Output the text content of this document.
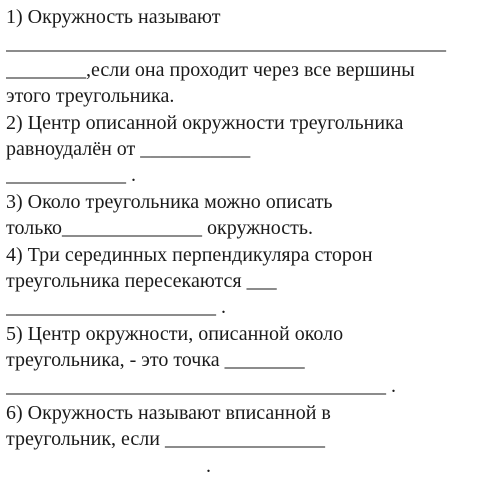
1) Окружность называют
____________________________________________
________,если она проходит через все вершины
этого треугольника.
2) Центр описанной окружности треугольника
равноудалён от ___________
____________ .
3) Около треугольника можно описать
только______________ окружность.
4) Три серединных перпендикуляра сторон
треугольника пересекаются ___
_____________________ .
5) Центр окружности, описанной около
треугольника, - это точка ________
______________________________________ .
6) Окружность называют вписанной в
треугольник, если ________________
.
